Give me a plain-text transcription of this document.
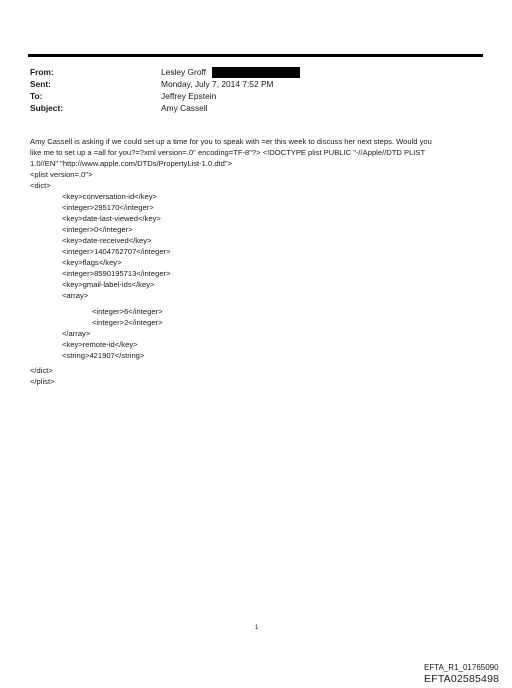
From:	Lesley Groff
Sent:	Monday, July 7, 2014 7:52 PM
To:	Jeffrey Epstein
Subject:	Amy Cassell
Amy Cassell is asking if we could set up a time for you to speak with =er this week to discuss her next steps. Would you
like me to set up a =all for you?=?xml version=.0" encoding=TF-8"?> <!DOCTYPE plist PUBLIC "-//Apple//DTD PLIST
1.0//EN" "http://www.apple.com/DTDs/PropertyList-1.0.dtd">
<plist version=.0">
<dict>
<key>conversation-id</key>
<integer>295170</integer>
<key>date-last-viewed</key>
<integer>0</integer>
<key>date-received</key>
<integer>1404762707</integer>
<key>flags</key>
<integer>8590195713</integer>
<key>gmail-label-ids</key>
<array>
<integer>6</integer>
<integer>2</integer>
</array>
<key>remote-id</key>
<string>421907</string>
</dict>
</plist>
1
EFTA_R1_01765090
EFTA02585498
